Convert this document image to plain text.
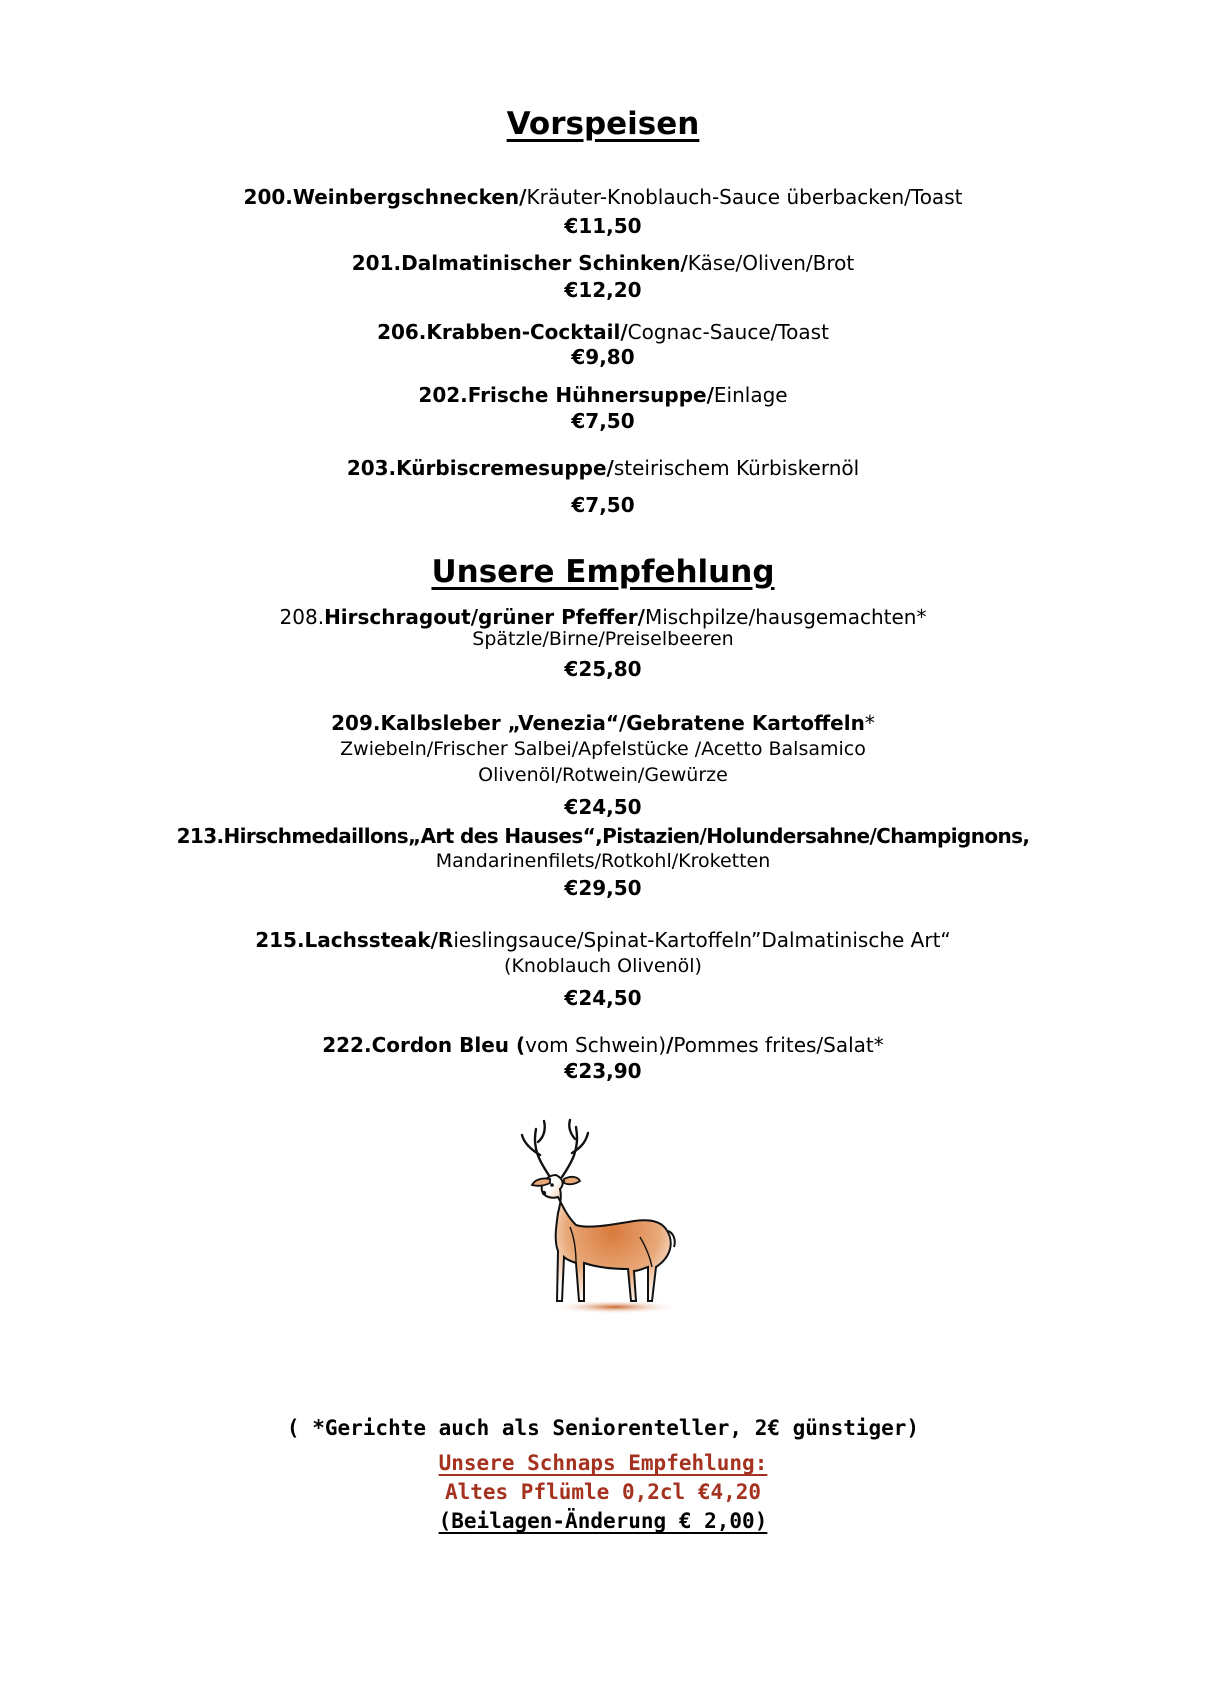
Vorspeisen
200.Weinbergschnecken/Kräuter-Knoblauch-Sauce überbacken/Toast
€11,50
201.Dalmatinischer Schinken/Käse/Oliven/Brot
€12,20
206.Krabben-Cocktail/Cognac-Sauce/Toast
€9,80
202.Frische Hühnersuppe/Einlage
€7,50
203.Kürbiscremesuppe/steirischem Kürbiskernöl
€7,50
Unsere Empfehlung
208.Hirschragout/grüner Pfeffer/Mischpilze/hausgemachten*
Spätzle/Birne/Preiselbeeren
€25,80
209.Kalbsleber „Venezia“/Gebratene Kartoffeln*
Zwiebeln/Frischer Salbei/Apfelstücke /Acetto Balsamico
Olivenöl/Rotwein/Gewürze
€24,50
213.Hirschmedaillons„Art des Hauses“,Pistazien/Holundersahne/Champignons,
Mandarinenfilets/Rotkohl/Kroketten
€29,50
215.Lachssteak/Rieslingsauce/Spinat-Kartoffeln”Dalmatinische Art“
(Knoblauch Olivenöl)
€24,50
222.Cordon Bleu (vom Schwein)/Pommes frites/Salat*
€23,90
( *Gerichte auch als Seniorenteller, 2€ günstiger)
Unsere Schnaps Empfehlung:
Altes Pflümle 0,2cl €4,20
(Beilagen-Änderung € 2,00)
